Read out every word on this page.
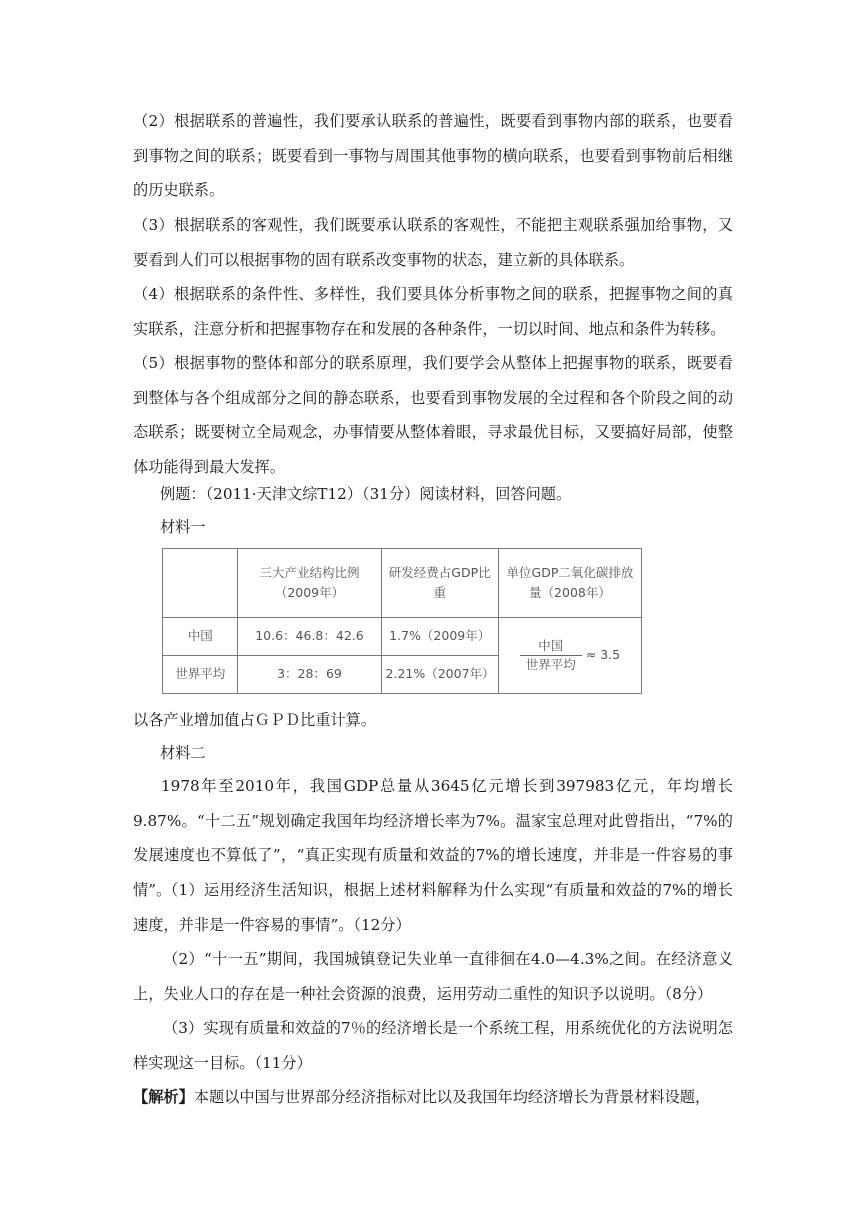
（2）根据联系的普遍性，我们要承认联系的普遍性，既要看到事物内部的联系，也要看到事物之间的联系；既要看到一事物与周围其他事物的横向联系，也要看到事物前后相继的历史联系。

（3）根据联系的客观性，我们既要承认联系的客观性，不能把主观联系强加给事物，又要看到人们可以根据事物的固有联系改变事物的状态，建立新的具体联系。

（4）根据联系的条件性、多样性，我们要具体分析事物之间的联系，把握事物之间的真实联系，注意分析和把握事物存在和发展的各种条件，一切以时间、地点和条件为转移。

（5）根据事物的整体和部分的联系原理，我们要学会从整体上把握事物的联系，既要看到整体与各个组成部分之间的静态联系，也要看到事物发展的全过程和各个阶段之间的动态联系；既要树立全局观念，办事情要从整体着眼，寻求最优目标，又要搞好局部，使整体功能得到最大发挥。

例题：（2011·天津文综T12）（31分）阅读材料，回答问题。

材料一

	三大产业结构比例（2009年）	研发经费占GDP比重	单位GDP二氧化碳排放量（2008年）
中国	10.6：46.8：42.6	1.7%（2009年）	$\frac{\text{中国}}{\text{世界平均}} \approx 3.5$
世界平均	3：28：69	2.21%（2007年）	

以各产业增加值占ＧＰＤ比重计算。

材料二

1978年至2010年，我国GDP总量从3645亿元增长到397983亿元，年均增长9.87%。“十二五”规划确定我国年均经济增长率为7%。温家宝总理对此曾指出，“7%的发展速度也不算低了”，“真正实现有质量和效益的7%的增长速度，并非是一件容易的事情”。

（1）运用经济生活知识，根据上述材料解释为什么实现“有质量和效益的7%的增长速度，并非是一件容易的事情”。（12分）

（2）“十一五”期间，我国城镇登记失业单一直徘徊在4.0—4.3%之间。在经济意义上，失业人口的存在是一种社会资源的浪费，运用劳动二重性的知识予以说明。（8分）

（3）实现有质量和效益的7％的经济增长是一个系统工程，用系统优化的方法说明怎样实现这一目标。（11分）

【解析】本题以中国与世界部分经济指标对比以及我国年均经济增长为背景材料设题，
